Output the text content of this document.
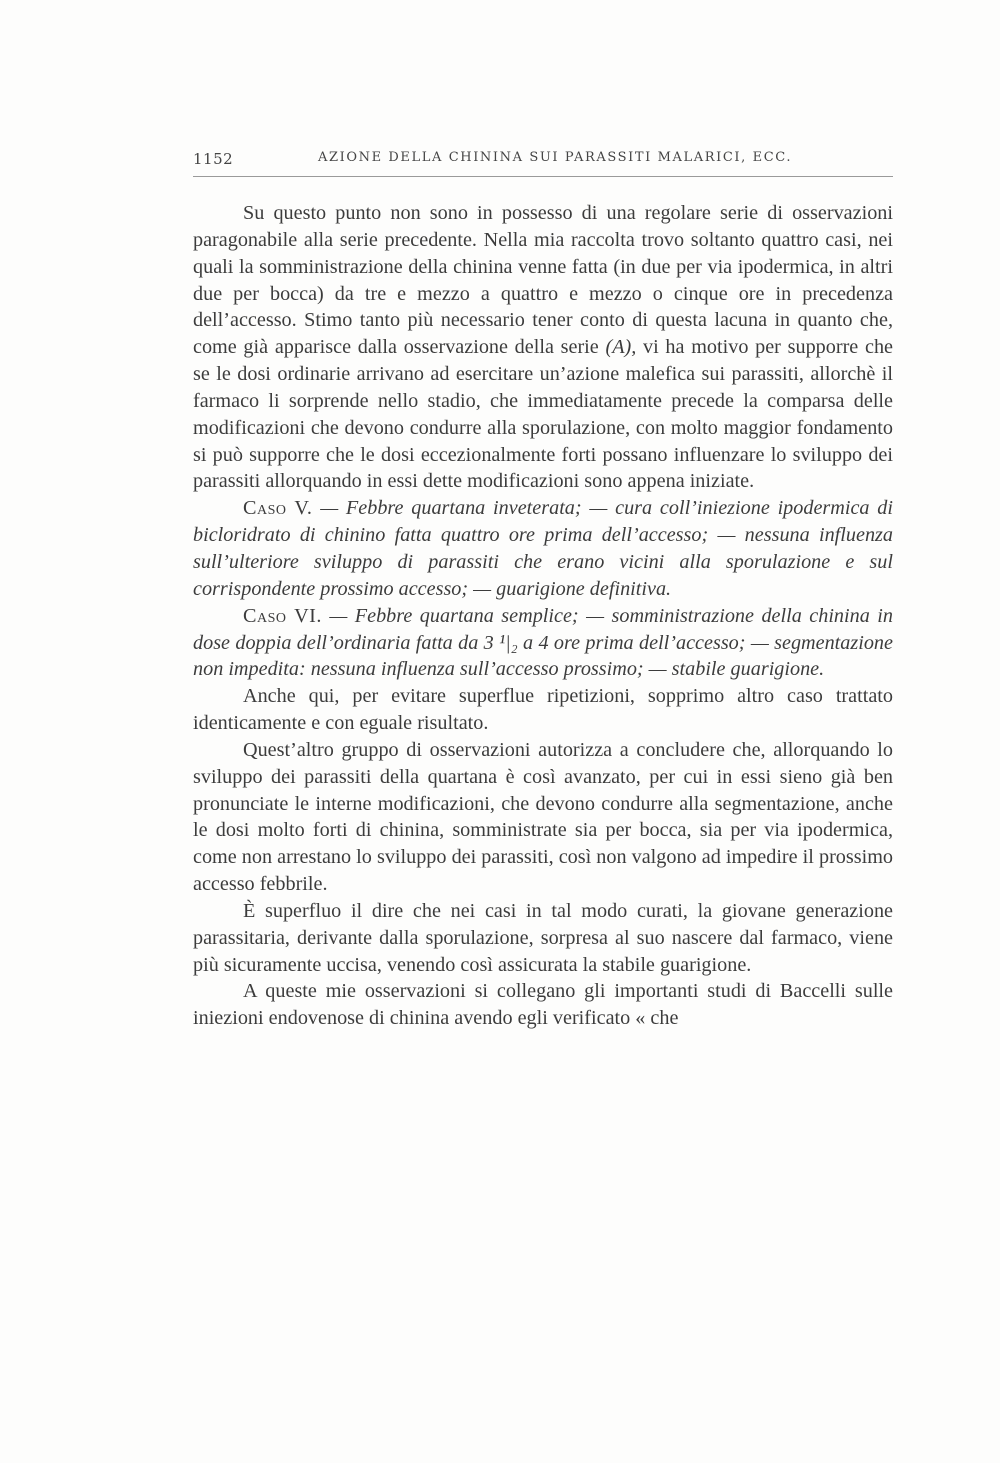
1152	AZIONE DELLA CHININA SUI PARASSITI MALARICI, ECC.

Su questo punto non sono in possesso di una regolare serie di osservazioni paragonabile alla serie precedente. Nella mia raccolta trovo soltanto quattro casi, nei quali la somministrazione della chinina venne fatta (in due per via ipodermica, in altri due per bocca) da tre e mezzo a quattro e mezzo o cinque ore in precedenza dell’accesso. Stimo tanto più necessario tener conto di questa lacuna in quanto che, come già apparisce dalla osservazione della serie (A), vi ha motivo per supporre che se le dosi ordinarie arrivano ad esercitare un’azione malefica sui parassiti, allorchè il farmaco li sorprende nello stadio, che immediatamente precede la comparsa delle modificazioni che devono condurre alla sporulazione, con molto maggior fondamento si può supporre che le dosi eccezionalmente forti possano influenzare lo sviluppo dei parassiti allorquando in essi dette modificazioni sono appena iniziate.

Caso V. — Febbre quartana inveterata; — cura coll’iniezione ipodermica di bicloridrato di chinino fatta quattro ore prima dell’accesso; — nessuna influenza sull’ulteriore sviluppo di parassiti che erano vicini alla sporulazione e sul corrispondente prossimo accesso; — guarigione definitiva.

Caso VI. — Febbre quartana semplice; — somministrazione della chinina in dose doppia dell’ordinaria fatta da 3 ¹|₂ a 4 ore prima dell’accesso; — segmentazione non impedita: nessuna influenza sull’accesso prossimo; — stabile guarigione.

Anche qui, per evitare superflue ripetizioni, sopprimo altro caso trattato identicamente e con eguale risultato.

Quest’altro gruppo di osservazioni autorizza a concludere che, allorquando lo sviluppo dei parassiti della quartana è così avanzato, per cui in essi sieno già ben pronunciate le interne modificazioni, che devono condurre alla segmentazione, anche le dosi molto forti di chinina, somministrate sia per bocca, sia per via ipodermica, come non arrestano lo sviluppo dei parassiti, così non valgono ad impedire il prossimo accesso febbrile.

È superfluo il dire che nei casi in tal modo curati, la giovane generazione parassitaria, derivante dalla sporulazione, sorpresa al suo nascere dal farmaco, viene più sicuramente uccisa, venendo così assicurata la stabile guarigione.

A queste mie osservazioni si collegano gli importanti studi di Baccelli sulle iniezioni endovenose di chinina avendo egli verificato « che
